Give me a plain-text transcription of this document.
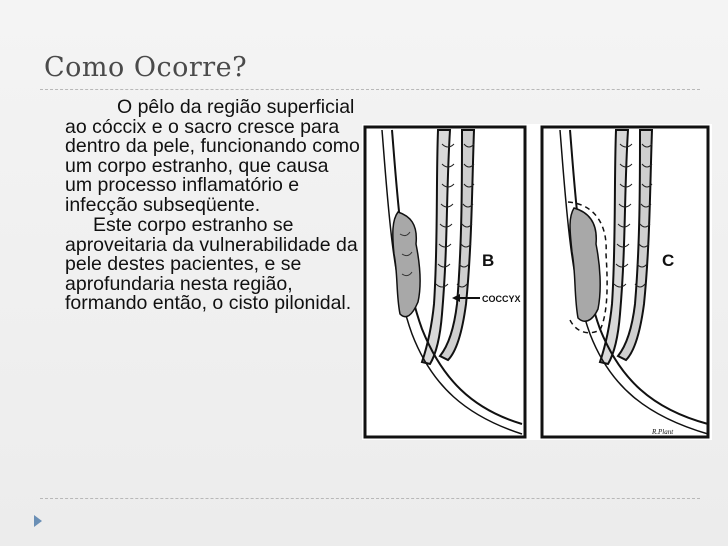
Como Ocorre?

O pêlo da região superficial ao cóccix e o sacro cresce para dentro da pele, funcionando como um corpo estranho, que causa um processo inflamatório e infecção subseqüente.

Este corpo estranho se aproveitaria da vulnerabilidade da pele destes pacientes, e se aprofundaria nesta região, formando então, o cisto pilonidal.

B
COCCYX
C
R.Plant
